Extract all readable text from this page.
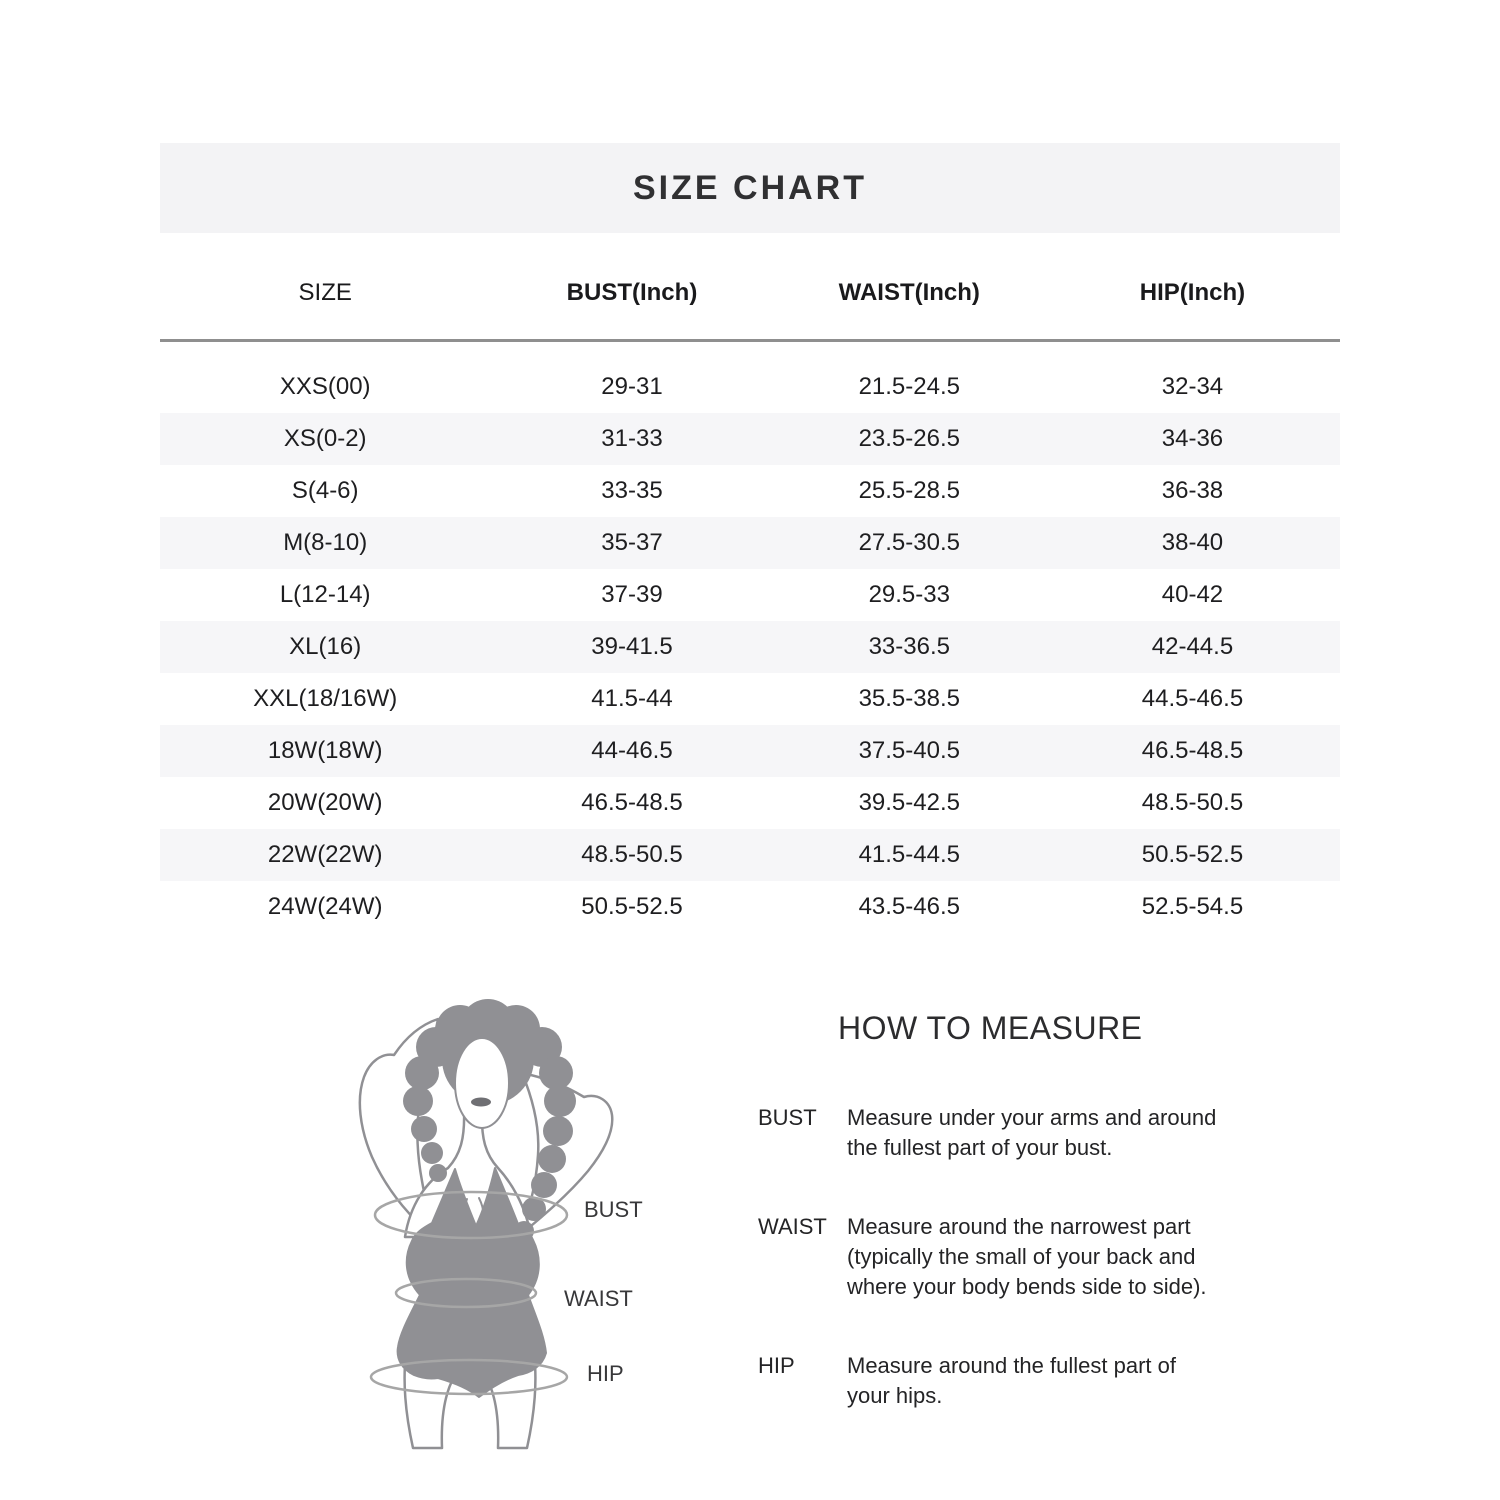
SIZE CHART
SIZE	BUST(Inch)	WAIST(Inch)	HIP(Inch)
XXS(00)	29-31	21.5-24.5	32-34
XS(0-2)	31-33	23.5-26.5	34-36
S(4-6)	33-35	25.5-28.5	36-38
M(8-10)	35-37	27.5-30.5	38-40
L(12-14)	37-39	29.5-33	40-42
XL(16)	39-41.5	33-36.5	42-44.5
XXL(18/16W)	41.5-44	35.5-38.5	44.5-46.5
18W(18W)	44-46.5	37.5-40.5	46.5-48.5
20W(20W)	46.5-48.5	39.5-42.5	48.5-50.5
22W(22W)	48.5-50.5	41.5-44.5	50.5-52.5
24W(24W)	50.5-52.5	43.5-46.5	52.5-54.5
BUST
WAIST
HIP
HOW TO MEASURE
BUST	Measure under your arms and around
the fullest part of your bust.
WAIST Measure around the narrowest part
(typically the small of your back and
where your body bends side to side).
HIP	Measure around the fullest part of
your hips.
